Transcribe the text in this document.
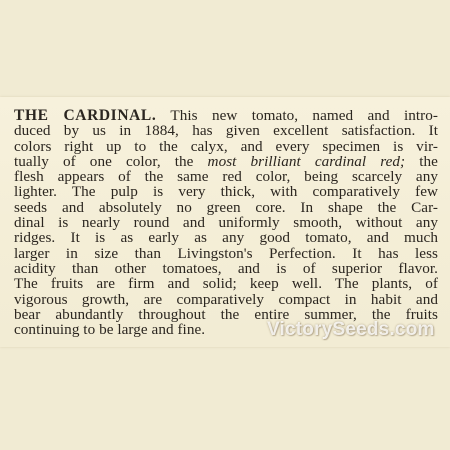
THE CARDINAL. This new tomato, named and intro-
duced by us in 1884, has given excellent satisfaction. It
colors right up to the calyx, and every specimen is vir-
tually of one color, the most brilliant cardinal red; the
flesh appears of the same red color, being scarcely any
lighter. The pulp is very thick, with comparatively few
seeds and absolutely no green core. In shape the Car-
dinal is nearly round and uniformly smooth, without any
ridges. It is as early as any good tomato, and much
larger in size than Livingston's Perfection. It has less
acidity than other tomatoes, and is of superior flavor.
The fruits are firm and solid; keep well. The plants, of
vigorous growth, are comparatively compact in habit and
bear abundantly throughout the entire summer, the fruits
continuing to be large and fine.	VictorySeeds.com
